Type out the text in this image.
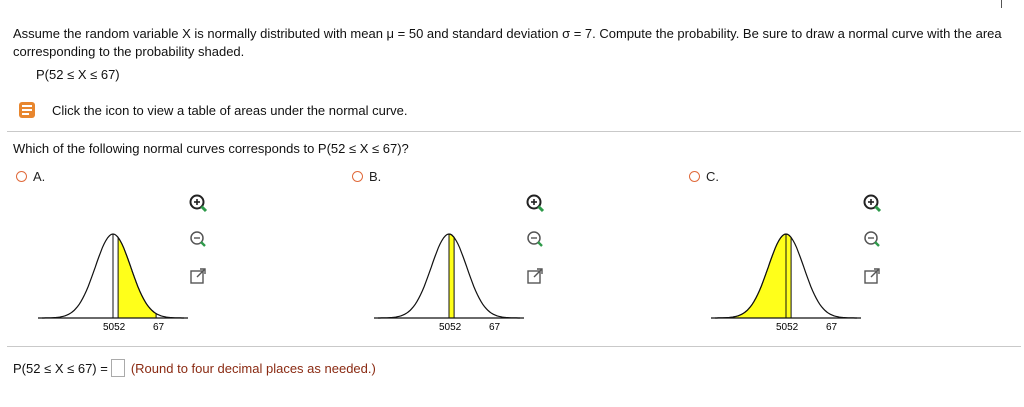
Assume the random variable X is normally distributed with mean μ = 50 and standard deviation σ = 7. Compute the probability. Be sure to draw a normal curve with the area corresponding to the probability shaded.
P(52 ≤ X ≤ 67)
Click the icon to view a table of areas under the normal curve.
Which of the following normal curves corresponds to P(52 ≤ X ≤ 67)?
A.	B.	C.
5052	67	5052	67	5052	67
P(52 ≤ X ≤ 67) = (Round to four decimal places as needed.)
